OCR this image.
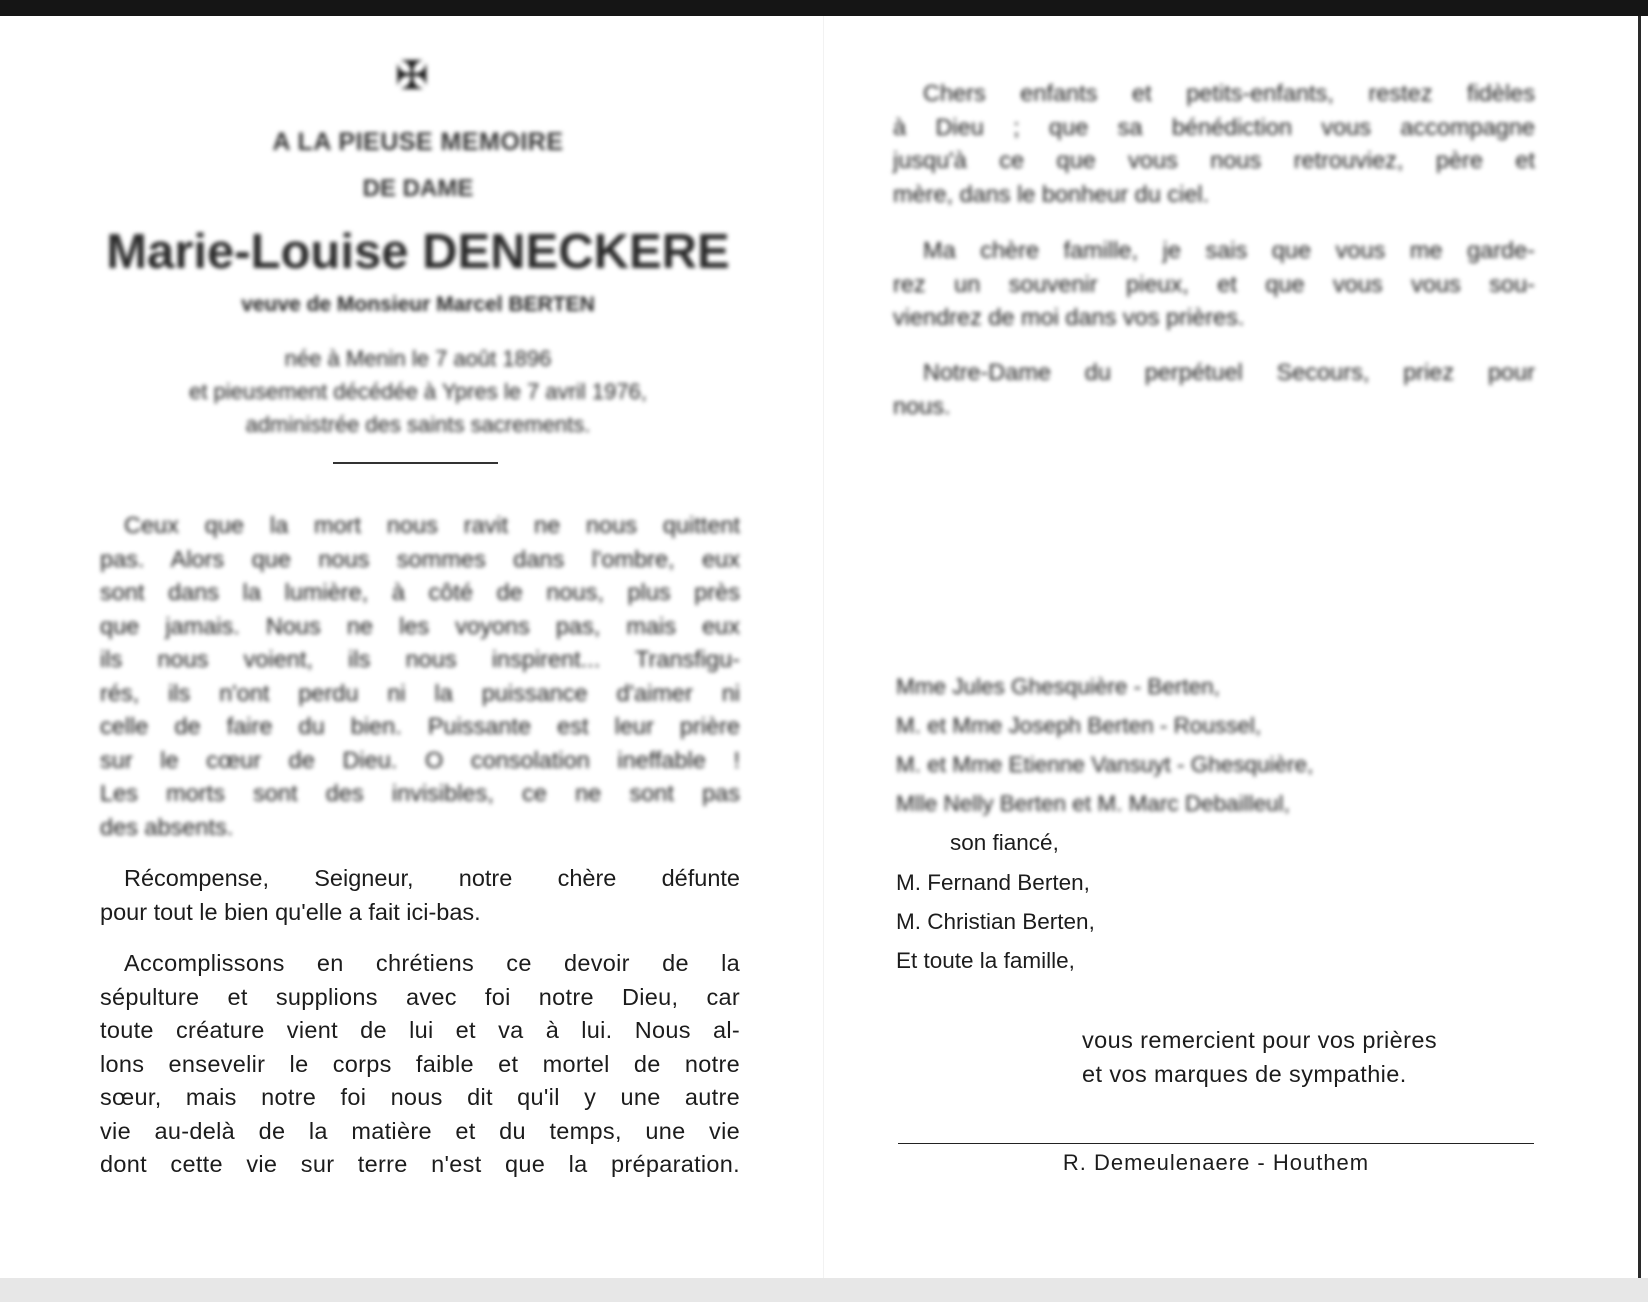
✠
A LA PIEUSE MEMOIRE
DE DAME
Marie-Louise DENECKERE
veuve de Monsieur Marcel BERTEN
née à Menin le 7 août 1896
et pieusement décédée à Ypres le 7 avril 1976,
administrée des saints sacrements.
Ceux que la mort nous ravit ne nous quittent
pas. Alors que nous sommes dans l'ombre, eux
sont dans la lumière, à côté de nous, plus près
que jamais. Nous ne les voyons pas, mais eux
ils nous voient, ils nous inspirent... Transfigu-
rés, ils n'ont perdu ni la puissance d'aimer ni
celle de faire du bien. Puissante est leur prière
sur le cœur de Dieu. O consolation ineffable !
Les morts sont des invisibles, ce ne sont pas
des absents.
Récompense, Seigneur, notre chère défunte
pour tout le bien qu'elle a fait ici-bas.
Accomplissons en chrétiens ce devoir de la
sépulture et supplions avec foi notre Dieu, car
toute créature vient de lui et va à lui. Nous al-
lons ensevelir le corps faible et mortel de notre
sœur, mais notre foi nous dit qu'il y une autre
vie au-delà de la matière et du temps, une vie
dont cette vie sur terre n'est que la préparation.
Chers enfants et petits-enfants, restez fidèles
à Dieu ; que sa bénédiction vous accompagne
jusqu'à ce que vous nous retrouviez, père et
mère, dans le bonheur du ciel.
Ma chère famille, je sais que vous me garde-
rez un souvenir pieux, et que vous vous sou-
viendrez de moi dans vos prières.
Notre-Dame du perpétuel Secours, priez pour
nous.
Mme Jules Ghesquière - Berten,
M. et Mme Joseph Berten - Roussel,
M. et Mme Etienne Vansuyt - Ghesquière,
Mlle Nelly Berten et M. Marc Debailleul,
son fiancé,
M. Fernand Berten,
M. Christian Berten,
Et toute la famille,
vous remercient pour vos prières
et vos marques de sympathie.
R. Demeulenaere - Houthem
